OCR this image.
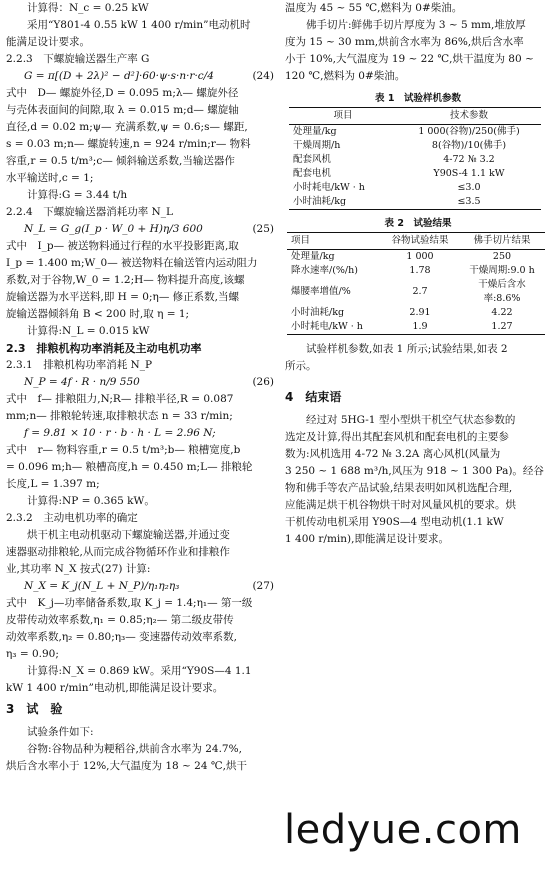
计算得：N_c = 0.25 kW

采用“Y801-4 0.55 kW 1 400 r/min”电动机时

能满足设计要求。

2.2.3　下螺旋输送器生产率 G

G = π[(D + 2λ)² − d²]·60·ψ·s·n·r·c/4	(24)

式中　D— 螺旋外径,D = 0.095 m;λ— 螺旋外径

与壳体表面间的间隙,取 λ = 0.015 m;d— 螺旋轴

直径,d = 0.02 m;ψ— 充满系数,ψ = 0.6;s— 螺距,

s = 0.03 m;n— 螺旋转速,n = 924 r/min;r— 物料

容重,r = 0.5 t/m³;c— 倾斜输送系数,当输送器作

水平输送时,c = 1;

计算得:G = 3.44 t/h

2.2.4　下螺旋输送器消耗功率 N_L

N_L = G_g(I_p · W_0 + H)η/3 600	(25)

式中　I_p— 被送物料通过行程的水平投影距离,取

I_p = 1.400 m;W_0— 被送物料在输送管内运动阻力

系数,对于谷物,W_0 = 1.2;H— 物料提升高度,该螺

旋输送器为水平送料,即 H = 0;η— 修正系数,当螺

旋输送器倾斜角 B < 200 时,取 η = 1;

计算得:N_L = 0.015 kW

2.3　排粮机构功率消耗及主动电机功率

2.3.1　排粮机构功率消耗 N_P

N_P = 4f · R · n/9 550	(26)

式中　f— 排粮阻力,N;R— 排粮半径,R = 0.087

mm;n— 排粮轮转速,取排粮状态 n = 33 r/min;

f = 9.81 × 10 · r · b · h · L = 2.96 N;

式中　r— 物料容重,r = 0.5 t/m³;b— 粮槽宽度,b

= 0.096 m;h— 粮槽高度,h = 0.450 m;L— 排粮轮

长度,L = 1.397 m;

计算得:NP = 0.365 kW。

2.3.2　主动电机功率的确定

烘干机主电动机驱动下螺旋输送器,并通过变

速器驱动排粮轮,从而完成谷物循环作业和排粮作

业,其功率 N_X 按式(27) 计算:

N_X = K_j(N_L + N_P)/η₁η₂η₃	(27)

式中　K_j—功率储备系数,取 K_j = 1.4;η₁— 第一级

皮带传动效率系数,η₁ = 0.85;η₂— 第二级皮带传

动效率系数,η₂ = 0.80;η₃— 变速器传动效率系数,

η₃ = 0.90;

计算得:N_X = 0.869 kW。采用“Y90S—4 1.1

kW 1 400 r/min”电动机,即能满足设计要求。

3　试　验

试验条件如下:

谷物:谷物品种为粳稻谷,烘前含水率为 24.7%,

烘后含水率小于 12%,大气温度为 18 ~ 24 ℃,烘干

温度为 45 ~ 55 ℃,燃料为 0#柴油。

佛手切片:鲜佛手切片厚度为 3 ~ 5 mm,堆放厚

度为 15 ~ 30 mm,烘前含水率为 86%,烘后含水率

小于 10%,大气温度为 19 ~ 22 ℃,烘干温度为 80 ~

120 ℃,燃料为 0#柴油。

表 1　试验样机参数
项目	技术参数
处理量/kg	1 000(谷物)/250(佛手)
干燥周期/h	8(谷物)/10(佛手)
配套风机	4-72 № 3.2
配套电机	Y90S-4 1.1 kW
小时耗电/kW · h	≤3.0
小时油耗/kg	≤3.5
表 2　试验结果
项目	谷物试验结果	佛手切片结果
处理量/kg	1 000	250
降水速率/(%/h)	1.78	干燥周期:9.0 h
爆腰率增值/%	2.7	干燥后含水率:8.6%
小时油耗/kg	2.91	4.22
小时耗电/kW · h	1.9	1.27

试验样机参数,如表 1 所示;试验结果,如表 2

所示。

4　结束语

经过对 5HG-1 型小型烘干机空气状态参数的

选定及计算,得出其配套风机和配套电机的主要参

数为:风机选用 4-72 № 3.2A 离心风机(风量为

3 250 ~ 1 688 m³/h,风压为 918 ~ 1 300 Pa)。经谷

物和佛手等农产品试验,结果表明如风机选配合理,

应能满足烘干机谷物烘干时对风量风机的要求。烘

干机传动电机采用 Y90S—4 型电动机(1.1 kW

1 400 r/min),即能满足设计要求。

ledyue.com
